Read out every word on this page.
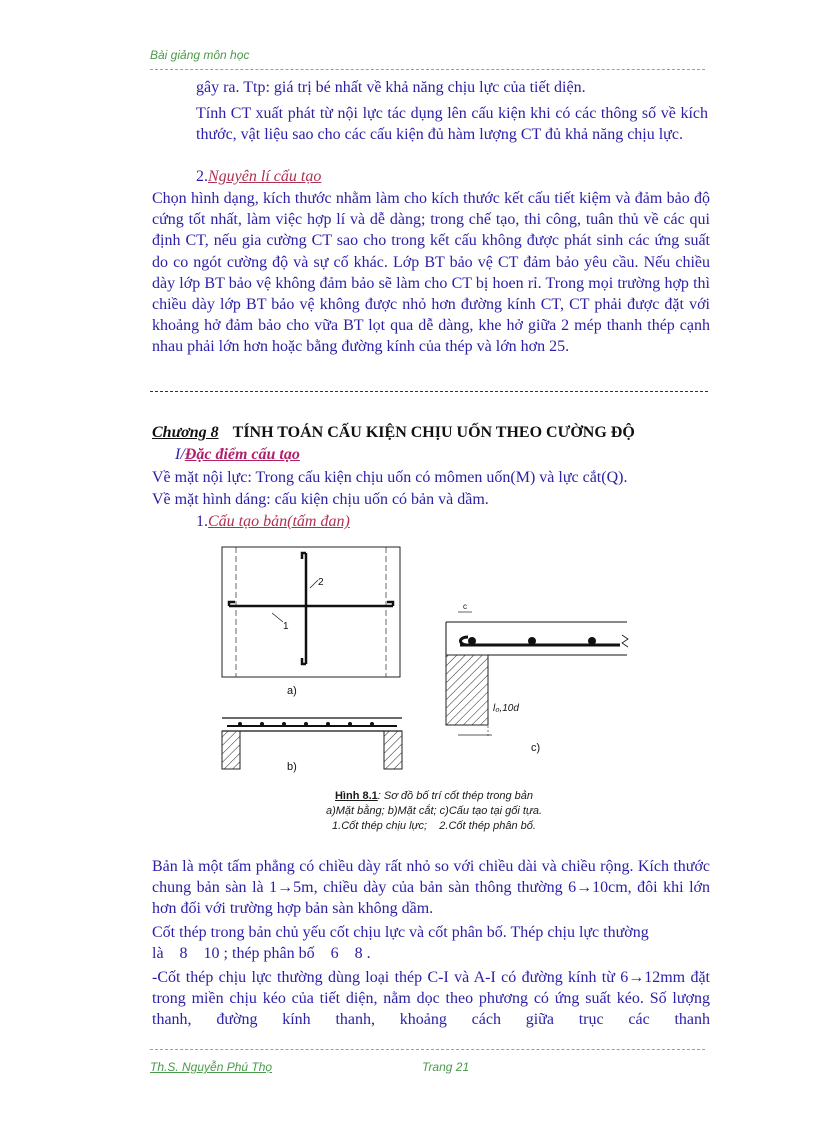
Bài giảng môn học

gây ra. Ttp: giá trị bé nhất về khả năng chịu lực của tiết diện.

Tính CT xuất phát từ nội lực tác dụng lên cấu kiện khi có các thông số về kích thước, vật liệu sao cho các cấu kiện đủ hàm lượng CT đủ khả năng chịu lực.

2.Nguyên lí cấu tạo

Chọn hình dạng, kích thước nhằm làm cho kích thước kết cấu tiết kiệm và đảm bảo độ cứng tốt nhất, làm việc hợp lí và dễ dàng; trong chế tạo, thi công, tuân thủ về các qui định CT, nếu gia cường CT sao cho trong kết cấu không được phát sinh các ứng suất do co ngót cường độ và sự cố khác. Lớp BT bảo vệ CT đảm bảo yêu cầu. Nếu chiều dày lớp BT bảo vệ không đảm bảo sẽ làm cho CT bị hoen rỉ. Trong mọi trường hợp thì chiều dày lớp BT bảo vệ không được nhỏ hơn đường kính CT, CT phải được đặt với khoảng hở đảm bảo cho vữa BT lọt qua dễ dàng, khe hở giữa 2 mép thanh thép cạnh nhau phải lớn hơn hoặc bằng đường kính của thép và lớn hơn 25.

Chương 8 TÍNH TOÁN CẤU KIỆN CHỊU UỐN THEO CƯỜNG ĐỘ
I/Đặc điểm cấu tạo

Về mặt nội lực: Trong cấu kiện chịu uốn có mômen uốn(M) và lực cắt(Q).

Về mặt hình dáng: cấu kiện chịu uốn có bản và dầm.

1.Cấu tạo bản(tấm đan)

2
1
a)
b)
c
l₀,10d
c)
Hình 8.1: Sơ đồ bố trí cốt thép trong bản
a)Mặt bằng; b)Mặt cắt; c)Cấu tạo tại gối tựa.
1.Cốt thép chịu lực;    2.Cốt thép phân bố.

Bản là một tấm phẳng có chiều dày rất nhỏ so với chiều dài và chiều rộng. Kích thước chung bản sàn là 1→5m, chiều dày của bản sàn thông thường 6→10cm, đôi khi lớn hơn đối với trường hợp bản sàn không dầm.

Cốt thép trong bản chủ yếu cốt chịu lực và cốt phân bố. Thép chịu lực thường

là    8    10 ; thép phân bố    6    8 .

-Cốt thép chịu lực thường dùng loại thép C-I và A-I có đường kính từ 6→12mm đặt trong miền chịu kéo của tiết diện, nằm dọc theo phương có ứng suất kéo. Số lượng thanh, đường kính thanh, khoảng cách giữa trục các thanh

Th.S. Nguyễn Phú Thọ	Trang 21
